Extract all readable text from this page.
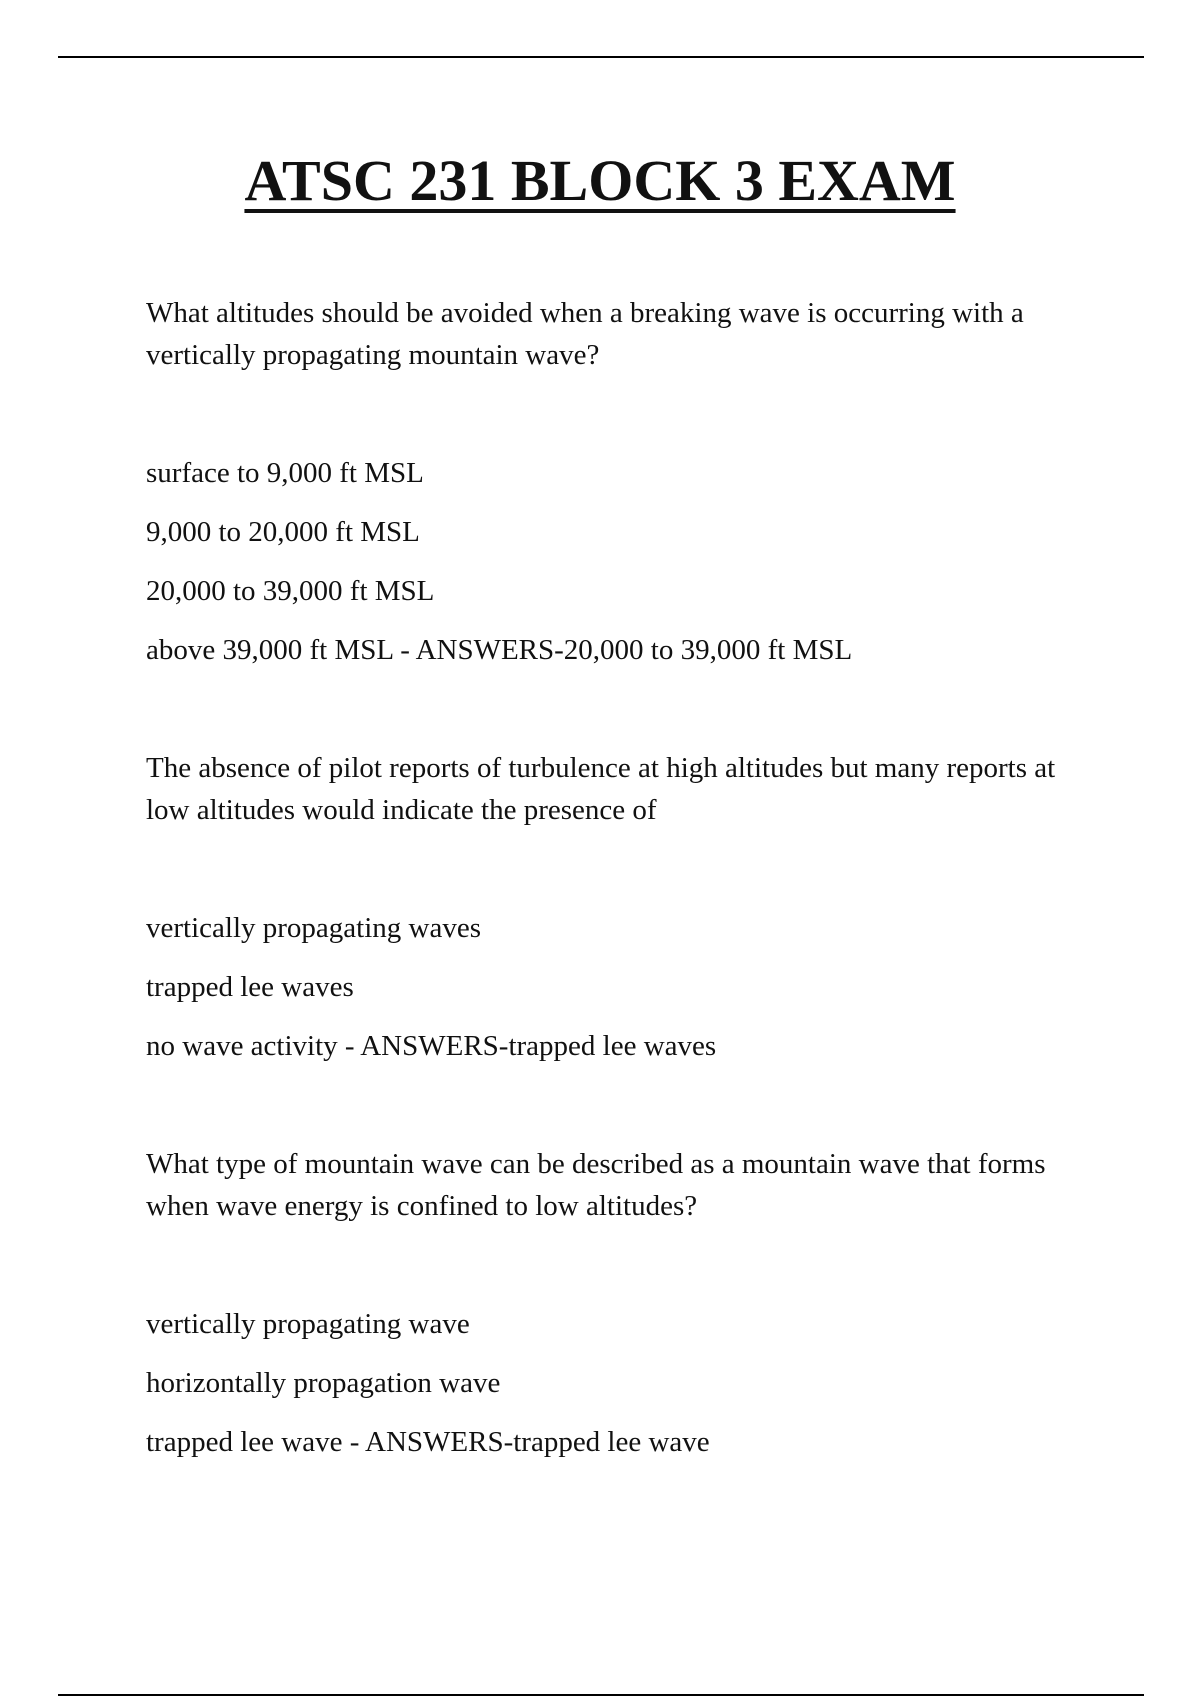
ATSC 231 BLOCK 3 EXAM

What altitudes should be avoided when a breaking wave is occurring with a vertically propagating mountain wave?

surface to 9,000 ft MSL

9,000 to 20,000 ft MSL

20,000 to 39,000 ft MSL

above 39,000 ft MSL - ANSWERS-20,000 to 39,000 ft MSL

The absence of pilot reports of turbulence at high altitudes but many reports at low altitudes would indicate the presence of

vertically propagating waves

trapped lee waves

no wave activity - ANSWERS-trapped lee waves

What type of mountain wave can be described as a mountain wave that forms when wave energy is confined to low altitudes?

vertically propagating wave

horizontally propagation wave

trapped lee wave - ANSWERS-trapped lee wave
